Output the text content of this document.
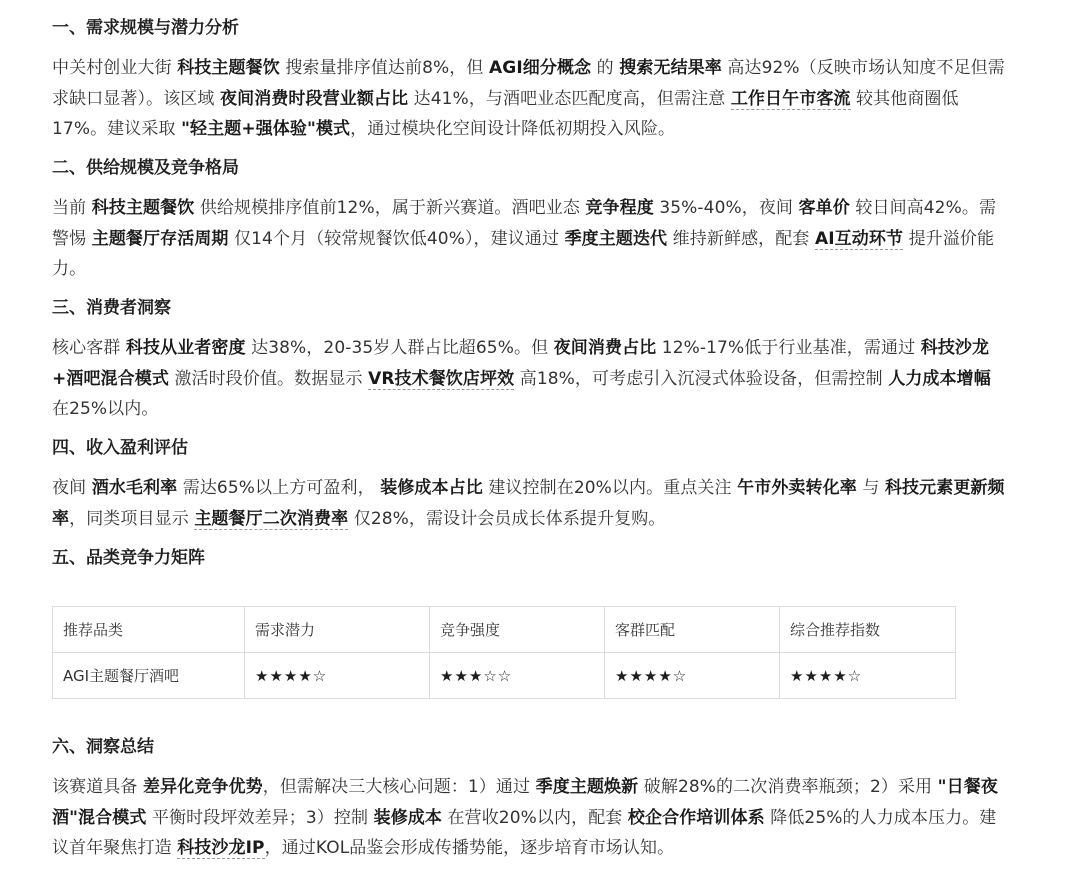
一、需求规模与潜力分析

中关村创业大街 科技主题餐饮 搜索量排序值达前8%，但 AGI细分概念 的 搜索无结果率 高达92%（反映市场认知度不足但需求缺口显著）。该区域 夜间消费时段营业额占比 达41%，与酒吧业态匹配度高，但需注意 工作日午市客流 较其他商圈低17%。建议采取 "轻主题+强体验"模式，通过模块化空间设计降低初期投入风险。

二、供给规模及竞争格局

当前 科技主题餐饮 供给规模排序值前12%，属于新兴赛道。酒吧业态 竞争程度 35%-40%，夜间 客单价 较日间高42%。需警惕 主题餐厅存活周期 仅14个月（较常规餐饮低40%），建议通过 季度主题迭代 维持新鲜感，配套 AI互动环节 提升溢价能力。

三、消费者洞察

核心客群 科技从业者密度 达38%，20-35岁人群占比超65%。但 夜间消费占比 12%-17%低于行业基准，需通过 科技沙龙+酒吧混合模式 激活时段价值。数据显示 VR技术餐饮店坪效 高18%，可考虑引入沉浸式体验设备，但需控制 人力成本增幅 在25%以内。

四、收入盈利评估

夜间 酒水毛利率 需达65%以上方可盈利， 装修成本占比 建议控制在20%以内。重点关注 午市外卖转化率 与 科技元素更新频率，同类项目显示 主题餐厅二次消费率 仅28%，需设计会员成长体系提升复购。

五、品类竞争力矩阵
推荐品类	需求潜力	竞争强度	客群匹配	综合推荐指数
AGI主题餐厅酒吧	★★★★☆	★★★☆☆	★★★★☆	★★★★☆
六、洞察总结

该赛道具备 差异化竞争优势，但需解决三大核心问题：1）通过 季度主题焕新 破解28%的二次消费率瓶颈；2）采用 "日餐夜酒"混合模式 平衡时段坪效差异；3）控制 装修成本 在营收20%以内，配套 校企合作培训体系 降低25%的人力成本压力。建议首年聚焦打造 科技沙龙IP，通过KOL品鉴会形成传播势能，逐步培育市场认知。
